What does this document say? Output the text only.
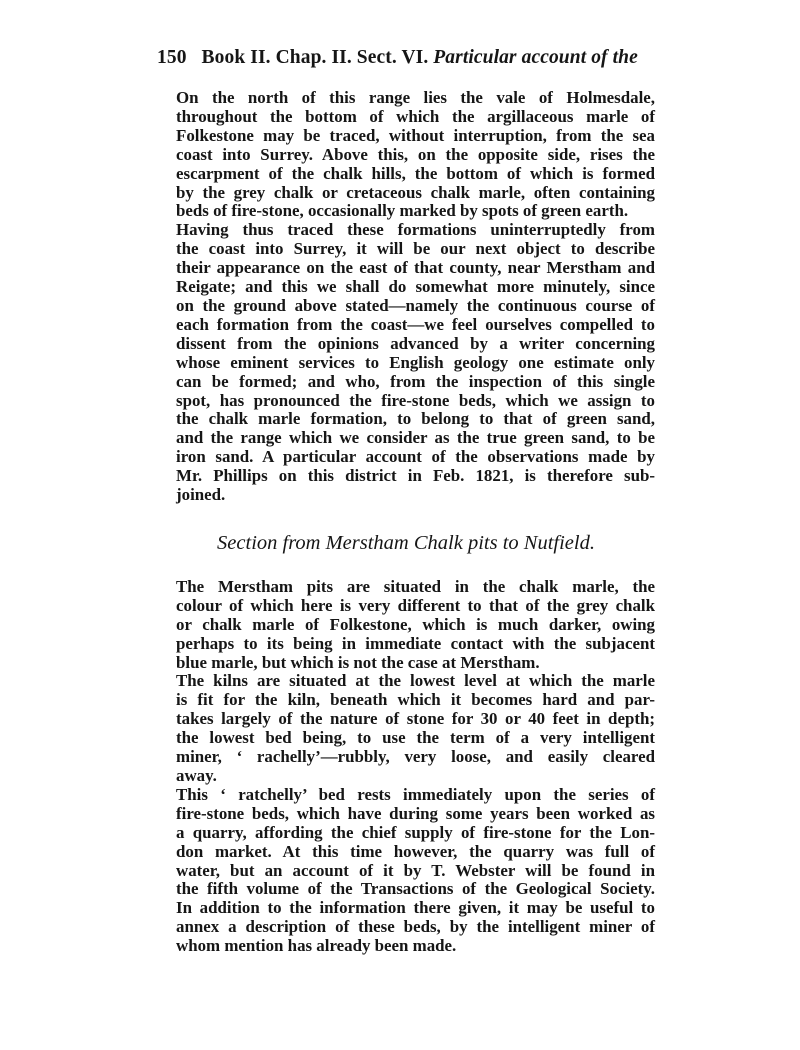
150 Book II. Chap. II. Sect. VI. Particular account of the
On the north of this range lies the vale of Holmesdale,
throughout the bottom of which the argillaceous marle of
Folkestone may be traced, without interruption, from the sea
coast into Surrey. Above this, on the opposite side, rises the
escarpment of the chalk hills, the bottom of which is formed
by the grey chalk or cretaceous chalk marle, often containing
beds of fire-stone, occasionally marked by spots of green earth.
Having thus traced these formations uninterruptedly from
the coast into Surrey, it will be our next object to describe
their appearance on the east of that county, near Merstham and
Reigate; and this we shall do somewhat more minutely, since
on the ground above stated—namely the continuous course of
each formation from the coast—we feel ourselves compelled to
dissent from the opinions advanced by a writer concerning
whose eminent services to English geology one estimate only
can be formed; and who, from the inspection of this single
spot, has pronounced the fire-stone beds, which we assign to
the chalk marle formation, to belong to that of green sand,
and the range which we consider as the true green sand, to be
iron sand. A particular account of the observations made by
Mr. Phillips on this district in Feb. 1821, is therefore sub-
joined.
Section from Merstham Chalk pits to Nutfield.
The Merstham pits are situated in the chalk marle, the
colour of which here is very different to that of the grey chalk
or chalk marle of Folkestone, which is much darker, owing
perhaps to its being in immediate contact with the subjacent
blue marle, but which is not the case at Merstham.
The kilns are situated at the lowest level at which the marle
is fit for the kiln, beneath which it becomes hard and par-
takes largely of the nature of stone for 30 or 40 feet in depth;
the lowest bed being, to use the term of a very intelligent
miner, ‘ rachelly’—rubbly, very loose, and easily cleared
away.
This ‘ ratchelly’ bed rests immediately upon the series of
fire-stone beds, which have during some years been worked as
a quarry, affording the chief supply of fire-stone for the Lon-
don market. At this time however, the quarry was full of
water, but an account of it by T. Webster will be found in
the fifth volume of the Transactions of the Geological Society.
In addition to the information there given, it may be useful to
annex a description of these beds, by the intelligent miner of
whom mention has already been made.
